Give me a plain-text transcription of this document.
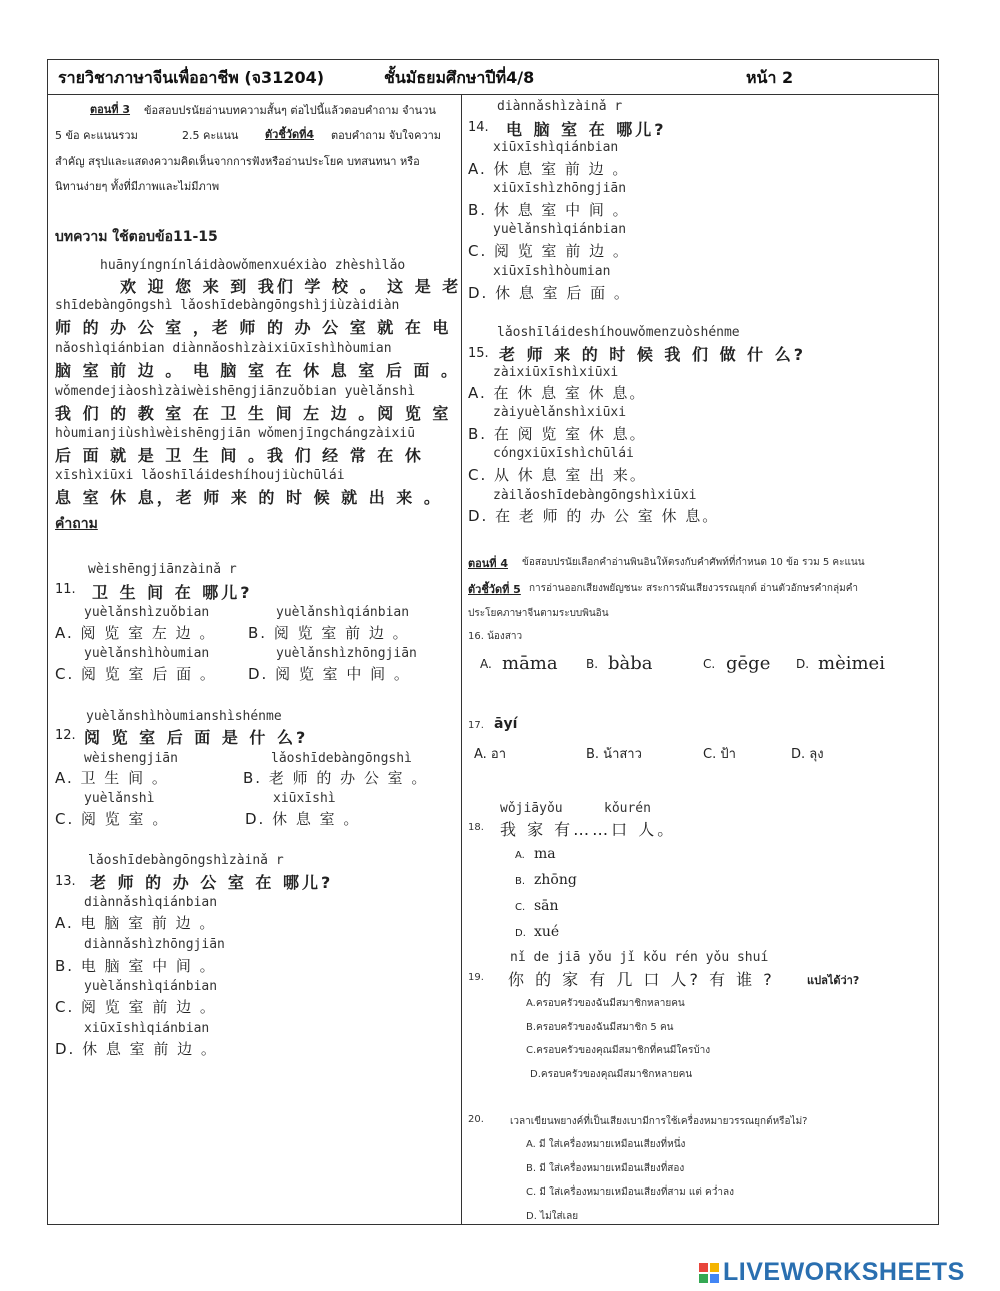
รายวิชาภาษาจีนเพื่ออาชีพ (จ31204)	ชั้นมัธยมศึกษาปีที่4/8	หน้า 2
ตอนที่ 3 ข้อสอบปรนัยอ่านบทความสั้นๆ ต่อไปนี้แล้วตอบคำถาม จำนวน
5 ข้อ คะแนนรวม	2.5 คะแนน ตัวชี้วัดที่4 ตอบคำถาม จับใจความ
สำคัญ สรุปและแสดงความคิดเห็นจากการฟังหรืออ่านประโยค บทสนทนา หรือ
นิทานง่ายๆ ทั้งที่มีภาพและไม่มีภาพ
บทความ ใช้ตอบข้อ11-15
huānyíngnínláidàowǒmenxuéxiào zhèshìlǎo
欢 迎 您 来 到 我们 学 校 。 这 是 老
shīdebàngōngshì lǎoshīdebàngōngshìjiùzàidiàn
师 的 办 公 室 ，老 师 的 办 公 室 就 在 电
nǎoshìqiánbian diànnǎoshìzàixiūxīshìhòumian
脑 室 前 边 。 电 脑 室 在 休 息 室 后 面 。
wǒmendejiàoshìzàiwèishēngjiānzuǒbian yuèlǎnshì
我 们 的 教 室 在 卫 生 间 左 边 。阅 览 室
hòumianjiùshìwèishēngjiān wǒmenjīngchángzàixiū
后 面 就 是 卫 生 间 。我 们 经 常 在 休
xīshìxiūxi lǎoshīláideshíhoujiùchūlái
息 室 休 息，老 师 来 的 时 候 就 出 来 。
คำถาม
wèishēngjiānzàinǎ r
11. 卫 生 间 在 哪儿?
yuèlǎnshìzuǒbian
A. 阅 览 室 左 边 。
yuèlǎnshìqiánbian
B. 阅 览 室 前 边 。
yuèlǎnshìhòumian
C. 阅 览 室 后 面 。
yuèlǎnshìzhōngjiān
D. 阅 览 室 中 间 。
yuèlǎnshìhòumianshìshénme
12. 阅 览 室 后 面 是 什 么?
wèishengjiān
A. 卫 生 间 。
lǎoshīdebàngōngshì
B. 老 师 的 办 公 室 。
yuèlǎnshì
C. 阅 览 室 。
xiūxīshì
D. 休 息 室 。
lǎoshīdebàngōngshìzàinǎ r
13. 老 师 的 办 公 室 在 哪儿?
diànnǎshìqiánbian
A. 电 脑 室 前 边 。
diànnǎshìzhōngjiān
B. 电 脑 室 中 间 。
yuèlǎnshìqiánbian
C. 阅 览 室 前 边 。
xiūxīshìqiánbian
D. 休 息 室 前 边 。
diànnǎshìzàinǎ r
14. 电 脑 室 在 哪儿?
xiūxīshìqiánbian
A. 休 息 室 前 边 。
xiūxīshìzhōngjiān
B. 休 息 室 中 间 。
yuèlǎnshìqiánbian
C. 阅 览 室 前 边 。
xiūxīshìhòumian
D. 休 息 室 后 面 。
lǎoshīláideshíhouwǒmenzuòshénme
15. 老 师 来 的 时 候 我 们 做 什 么?
zàixiūxīshìxiūxi
A. 在 休 息 室 休 息。
zàiyuèlǎnshìxiūxi
B. 在 阅 览 室 休 息。
cóngxiūxīshìchūlái
C. 从 休 息 室 出 来。
zàilǎoshīdebàngōngshìxiūxi
D. 在 老 师 的 办 公 室 休 息。
ตอนที่ 4 ข้อสอบปรนัยเลือกคำอ่านพินอินให้ตรงกับคำศัพท์ที่กำหนด 10 ข้อ รวม 5 คะแนน
ตัวชี้วัดที่ 5 การอ่านออกเสียงพยัญชนะ สระการผันเสียงวรรณยุกต์ อ่านตัวอักษรคำกลุ่มคำ
ประโยคภาษาจีนตามระบบพินอิน
16. น้องสาว
A. māma B. bàba	C. gēge D. mèimei
17. āyí
A. อา	B. น้าสาว	C. ป้า	D. ลุง
wǒjiāyǒu	kǒurén
18. 我 家 有……口 人。
A. ma
B. zhōng
C. sān
D. xué
nǐ de jiā yǒu jǐ kǒu rén yǒu shuí
19. 你 的 家 有 几 口 人? 有 谁 ?	แปลได้ว่า?
A.ครอบครัวของฉันมีสมาชิกหลายคน
B.ครอบครัวของฉันมีสมาชิก 5 คน
C.ครอบครัวของคุณมีสมาชิกที่คนมีใครบ้าง
D.ครอบครัวของคุณมีสมาชิกหลายคน
20.	เวลาเขียนพยางค์ที่เป็นเสียงเบามีการใช้เครื่องหมายวรรณยุกต์หรือไม่?
A. มี ใส่เครื่องหมายเหมือนเสียงที่หนึ่ง
B. มี ใส่เครื่องหมายเหมือนเสียงที่สอง
C. มี ใส่เครื่องหมายเหมือนเสียงที่สาม แต่ คว่ำลง
D. ไม่ใส่เลย
LIVEWORKSHEETS
